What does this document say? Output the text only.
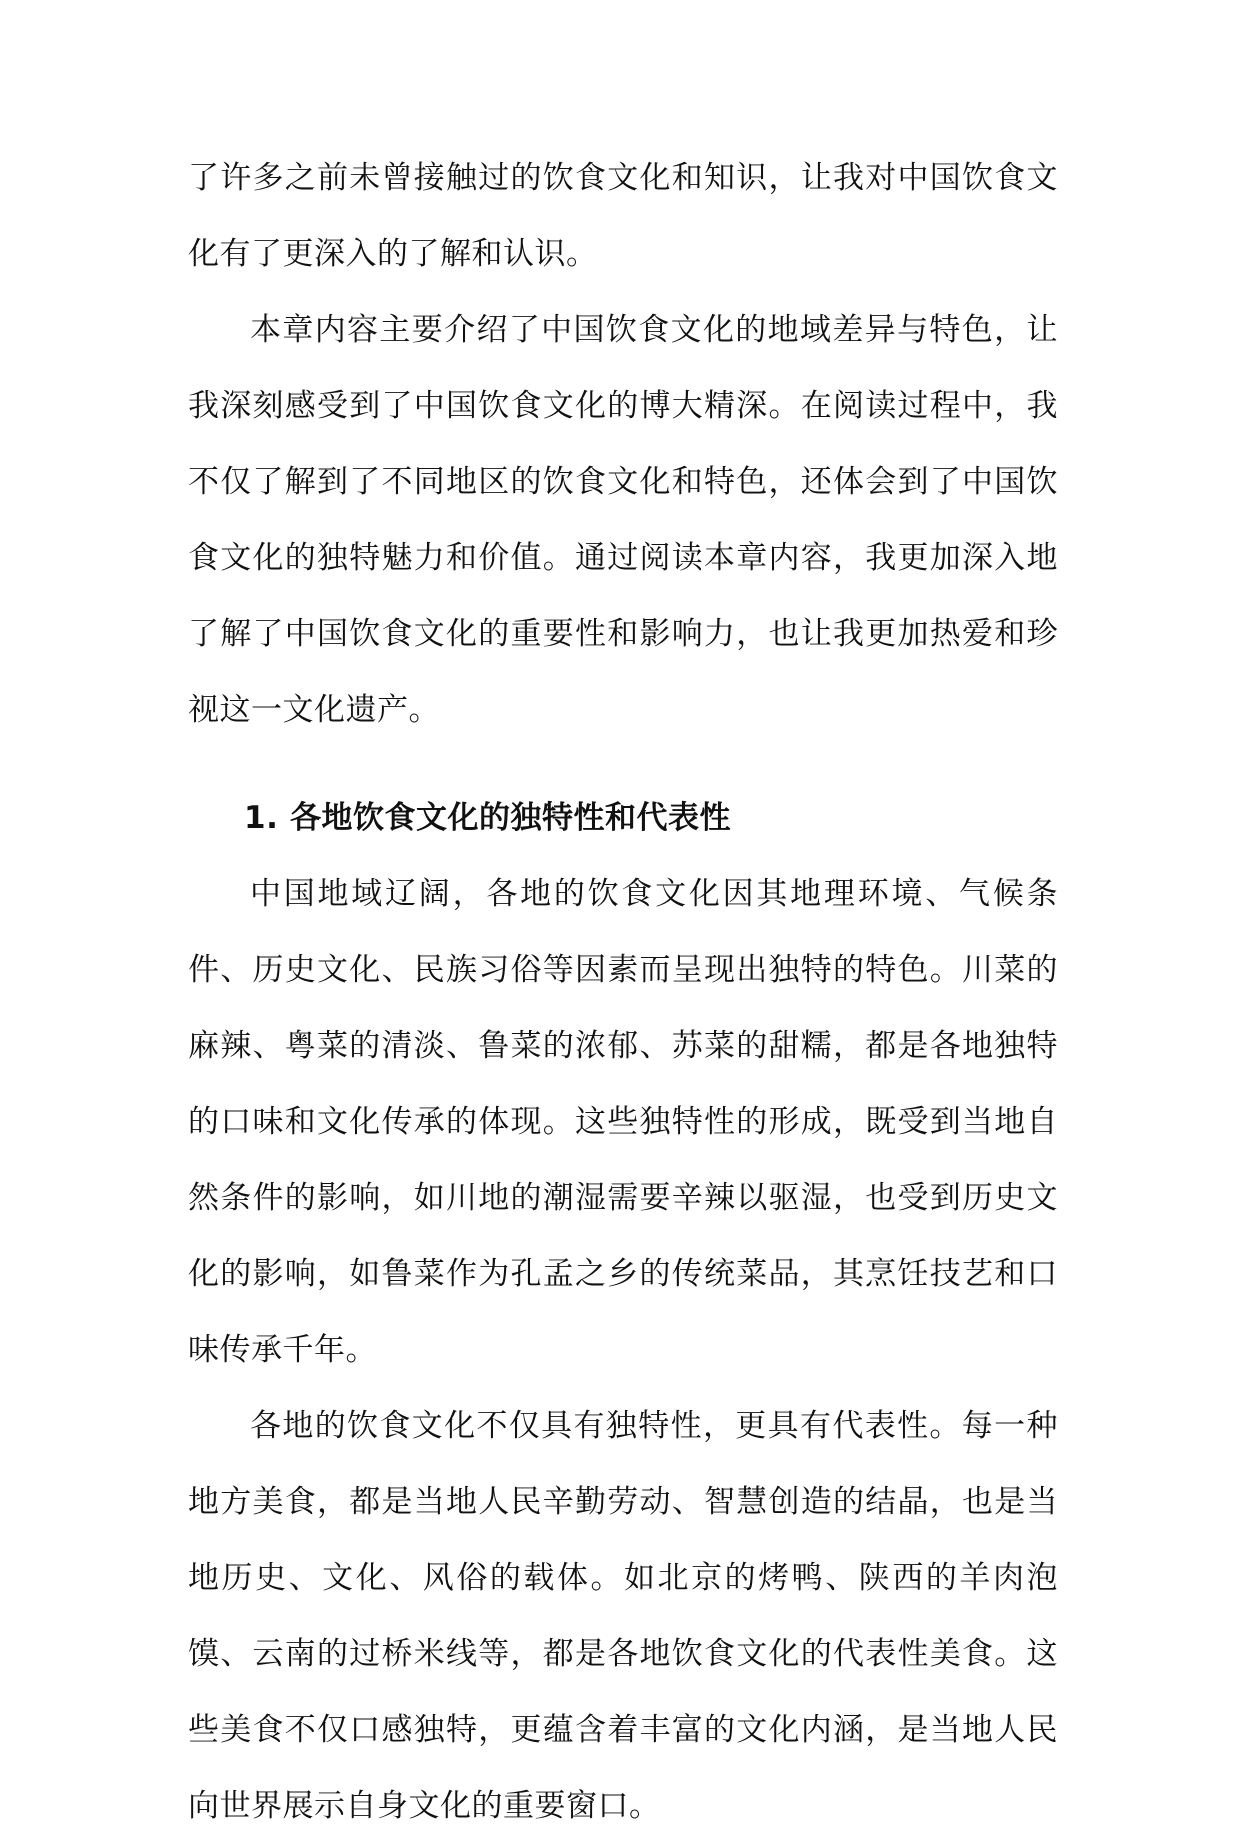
了许多之前未曾接触过的饮食文化和知识，让我对中国饮食文化有了更深入的了解和认识。

本章内容主要介绍了中国饮食文化的地域差异与特色，让我深刻感受到了中国饮食文化的博大精深。在阅读过程中，我不仅了解到了不同地区的饮食文化和特色，还体会到了中国饮食文化的独特魅力和价值。通过阅读本章内容，我更加深入地了解了中国饮食文化的重要性和影响力，也让我更加热爱和珍视这一文化遗产。

1. 各地饮食文化的独特性和代表性

中国地域辽阔，各地的饮食文化因其地理环境、气候条件、历史文化、民族习俗等因素而呈现出独特的特色。川菜的麻辣、粤菜的清淡、鲁菜的浓郁、苏菜的甜糯，都是各地独特的口味和文化传承的体现。这些独特性的形成，既受到当地自然条件的影响，如川地的潮湿需要辛辣以驱湿，也受到历史文化的影响，如鲁菜作为孔孟之乡的传统菜品，其烹饪技艺和口味传承千年。

各地的饮食文化不仅具有独特性，更具有代表性。每一种地方美食，都是当地人民辛勤劳动、智慧创造的结晶，也是当地历史、文化、风俗的载体。如北京的烤鸭、陕西的羊肉泡馍、云南的过桥米线等，都是各地饮食文化的代表性美食。这些美食不仅口感独特，更蕴含着丰富的文化内涵，是当地人民向世界展示自身文化的重要窗口。
